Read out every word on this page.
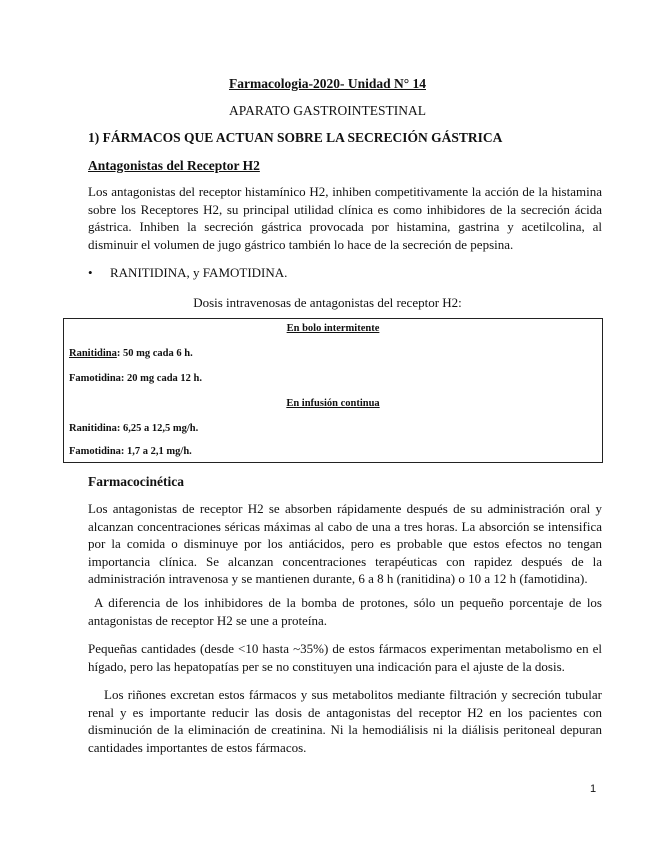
Farmacologia-2020- Unidad N° 14
APARATO GASTROINTESTINAL
1) FÁRMACOS QUE ACTUAN SOBRE LA SECRECIÓN GÁSTRICA
Antagonistas del Receptor H2

Los antagonistas del receptor histamínico H2, inhiben competitivamente la acción de la histamina sobre los Receptores H2, su principal utilidad clínica es como inhibidores de la secreción ácida gástrica. Inhiben la secreción gástrica provocada por histamina, gastrina y acetilcolina, al disminuir el volumen de jugo gástrico también lo hace de la secreción de pepsina.

• RANITIDINA, y FAMOTIDINA.
Dosis intravenosas de antagonistas del receptor H2:
En bolo intermitente
Ranitidina: 50 mg cada 6 h.
Famotidina: 20 mg cada 12 h.
En infusión continua
Ranitidina: 6,25 a 12,5 mg/h.
Famotidina: 1,7 a 2,1 mg/h.
Farmacocinética

Los antagonistas de receptor H2 se absorben rápidamente después de su administración oral y alcanzan concentraciones séricas máximas al cabo de una a tres horas. La absorción se intensifica por la comida o disminuye por los antiácidos, pero es probable que estos efectos no tengan importancia clínica. Se alcanzan concentraciones terapéuticas con rapidez después de la administración intravenosa y se mantienen durante, 6 a 8 h (ranitidina) o 10 a 12 h (famotidina).

A diferencia de los inhibidores de la bomba de protones, sólo un pequeño porcentaje de los antagonistas de receptor H2 se une a proteína.

Pequeñas cantidades (desde <10 hasta ~35%) de estos fármacos experimentan metabolismo en el hígado, pero las hepatopatías per se no constituyen una indicación para el ajuste de la dosis.

Los riñones excretan estos fármacos y sus metabolitos mediante filtración y secreción tubular renal y es importante reducir las dosis de antagonistas del receptor H2 en los pacientes con disminución de la eliminación de creatinina. Ni la hemodiálisis ni la diálisis peritoneal depuran cantidades importantes de estos fármacos.

1
